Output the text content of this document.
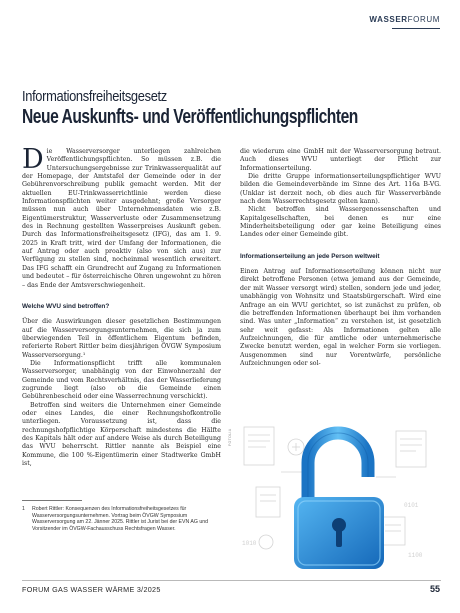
WASSERFORUM
Informationsfreiheitsgesetz
Neue Auskunfts- und Veröffentlichungspflichten

Die Wasserversorger unterliegen zahlreichen Veröffentlichungspflichten. So müssen z.B. die Untersuchungsergebnisse zur Trinkwasserqualität auf der Homepage, der Amtstafel der Gemeinde oder in der Gebührenvorschreibung publik gemacht werden. Mit der aktuellen EU-Trinkwasserrichtlinie werden diese Informationspflichten weiter ausgedehnt; große Versorger müssen nun auch über Unternehmensdaten wie z.B. Eigentümerstruktur, Wasserverluste oder Zusammensetzung des in Rechnung gestellten Wasserpreises Auskunft geben. Durch das Informationsfreiheitsgesetz (IFG), das am 1. 9. 2025 in Kraft tritt, wird der Umfang der Informationen, die auf Antrag oder auch proaktiv (also von sich aus) zur Verfügung zu stellen sind, nocheinmal wesentlich erweitert. Das IFG schafft ein Grundrecht auf Zugang zu Informationen und bedeutet – für österreichische Ohren ungewohnt zu hören – das Ende der Amtsverschwiegenheit.

Welche WVU sind betroffen?

Über die Auswirkungen dieser gesetzlichen Bestimmungen auf die Wasserversorgungsunternehmen, die sich ja zum überwiegenden Teil in öffentlichem Eigentum befinden, referierte Robert Rittler beim diesjährigen ÖVGW Symposium Wasserversorgung.¹

Die Informationspflicht trifft alle kommunalen Wasserversorger, unabhängig von der Einwohnerzahl der Gemeinde und vom Rechtsverhältnis, das der Wasserlieferung zugrunde liegt (also ob die Gemeinde einen Gebührenbescheid oder eine Wasserrechnung verschickt).

Betroffen sind weiters die Unternehmen einer Gemeinde oder eines Landes, die einer Rechnungshofkontrolle unterliegen. Voraussetzung ist, dass die rechnungshofpflichtige Körperschaft mindestens die Hälfte des Kapitals hält oder auf andere Weise als durch Beteiligung das WVU beherrscht. Rittler nannte als Beispiel eine Kommune, die 100 %-Eigentümerin einer Stadtwerke GmbH ist,

die wiederum eine GmbH mit der Wasserversorgung betraut. Auch dieses WVU unterliegt der Pflicht zur Informationserteilung.

Die dritte Gruppe informationserteilungspflichtiger WVU bilden die Gemeindeverbände im Sinne des Art. 116a B-VG. (Unklar ist derzeit noch, ob dies auch für Wasserverbände nach dem Wasserrechtsgesetz gelten kann).

Nicht betroffen sind Wassergenossenschaften und Kapitalgesellschaften, bei denen es nur eine Minderheitsbeteiligung oder gar keine Beteiligung eines Landes oder einer Gemeinde gibt.

Informationserteilung an jede Person weltweit

Einen Antrag auf Informationserteilung können nicht nur direkt betroffene Personen (etwa jemand aus der Gemeinde, der mit Wasser versorgt wird) stellen, sondern jede und jeder, unabhängig von Wohnsitz und Staatsbürgerschaft. Wird eine Anfrage an ein WVU gerichtet, so ist zunächst zu prüfen, ob die betreffenden Informationen überhaupt bei ihm vorhanden sind. Was unter „Information“ zu verstehen ist, ist gesetzlich sehr weit gefasst: Als Informationen gelten alle Aufzeichnungen, die für amtliche oder unternehmerische Zwecke benutzt werden, egal in welcher Form sie vorliegen. Ausgenommen sind nur Vorentwürfe, persönliche Aufzeichnungen oder sol-

FOTOLIA
1010
0101
1100
1 Robert Rittler: Konsequenzen des Informationsfreiheitsgesetzes für Wasserversorgungsunternehmen. Vortrag beim ÖVGW Symposium Wasserversorgung am 22. Jänner 2025. Rittler ist Jurist bei der EVN AG und Vorsitzender im ÖVGW-Fachausschuss Rechtsfragen Wasser.
FORUM GAS WASSER WÄRME 3/2025	55
